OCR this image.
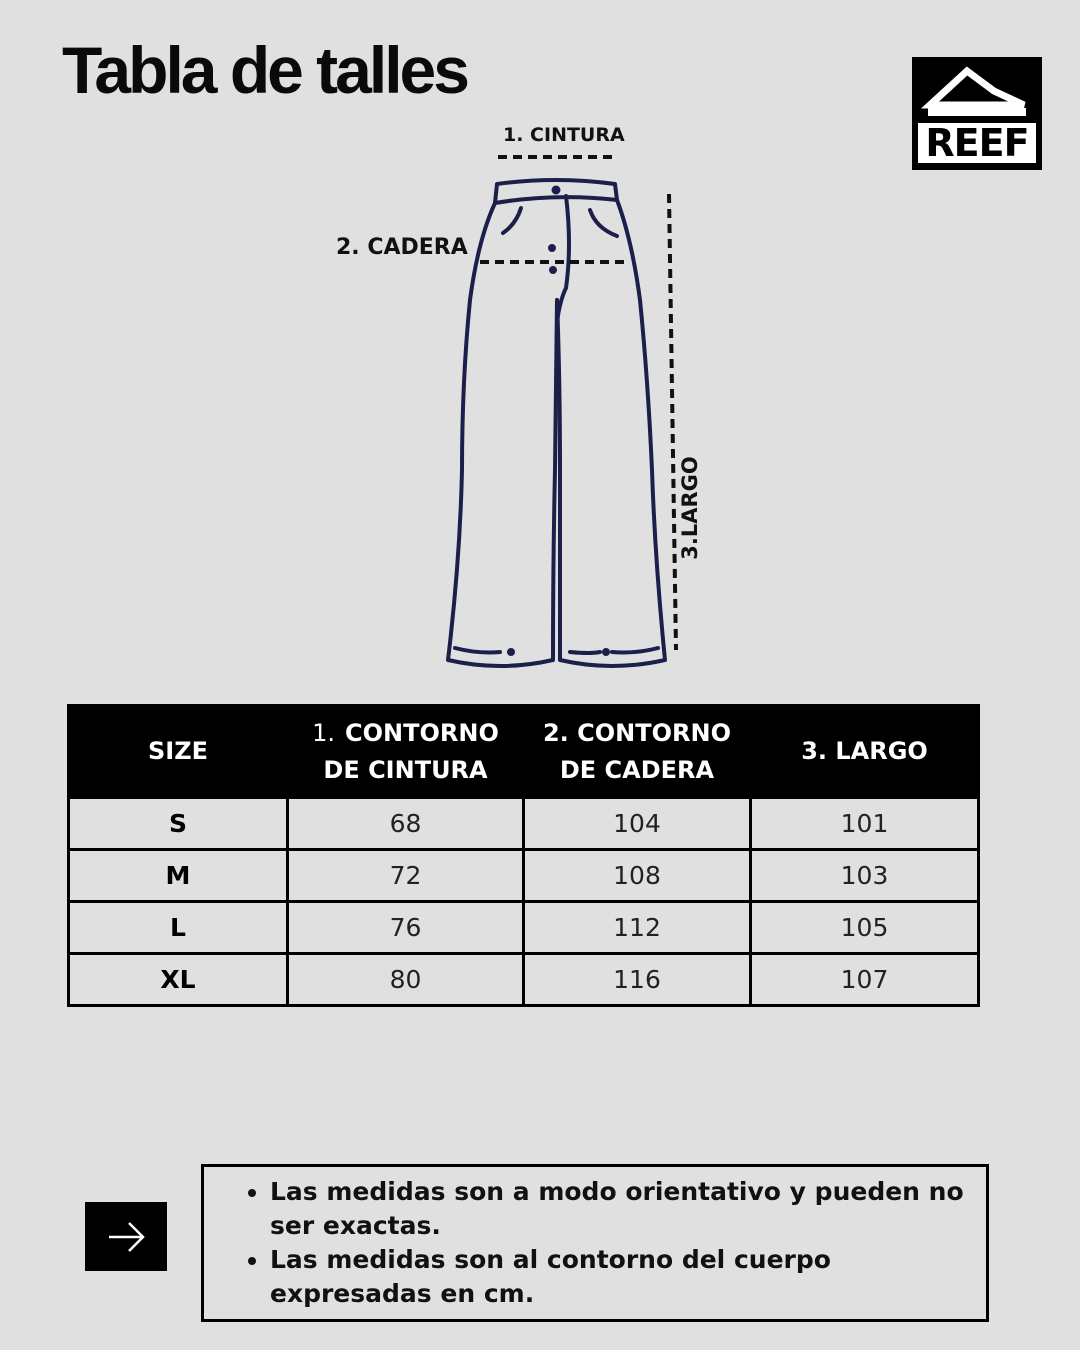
Tabla de talles
REEF
1. CINTURA
2. CADERA
3.LARGO
SIZE	1. CONTORNO DE CINTURA	2. CONTORNO DE CADERA	3. LARGO
S	68	104	101
M	72	108	103
L	76	112	105
XL	80	116	107
• Las medidas son a modo orientativo y pueden no ser exactas.
• Las medidas son al contorno del cuerpo expresadas en cm.
